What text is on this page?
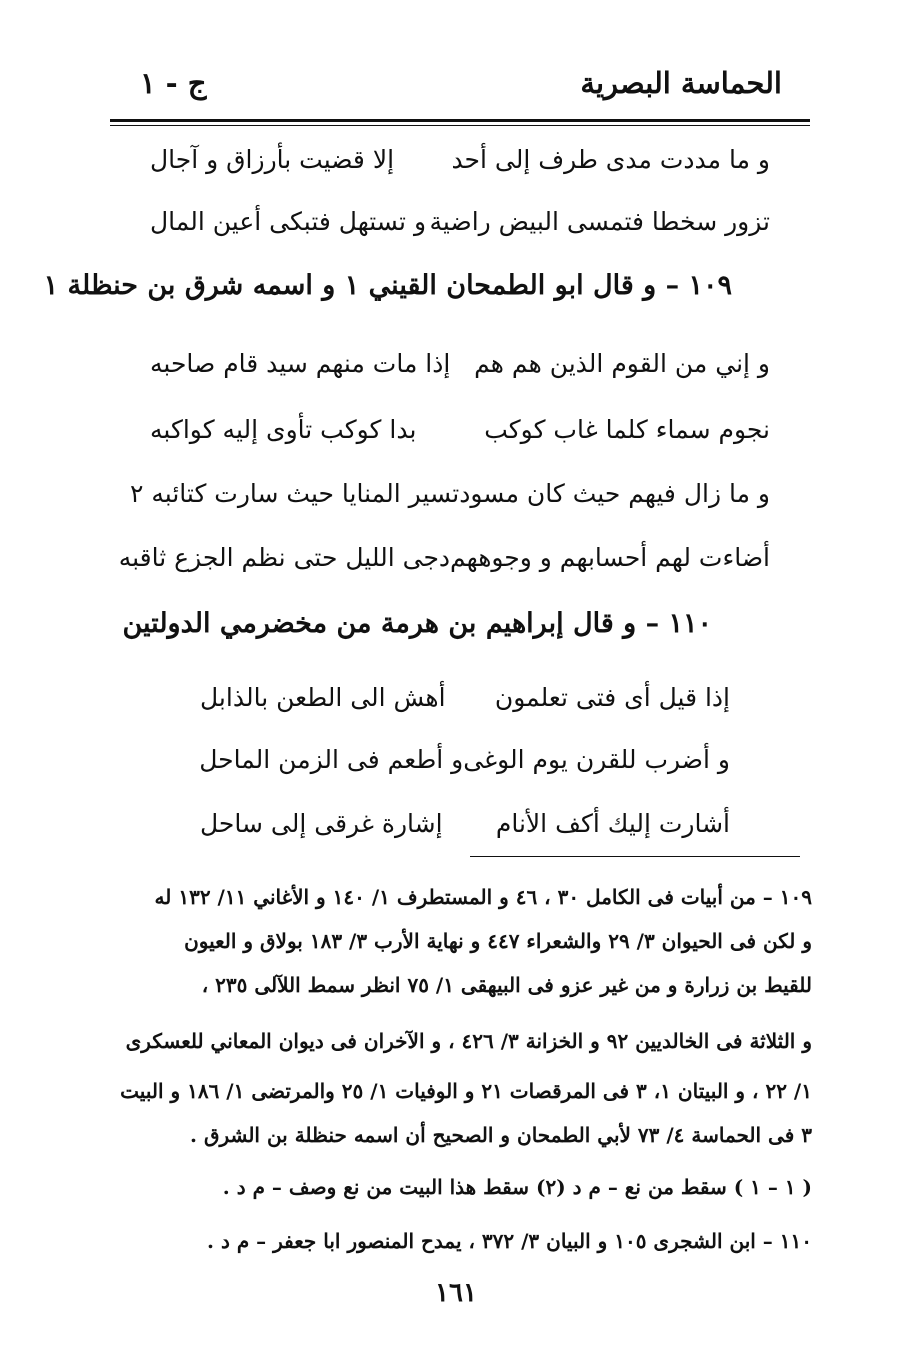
الحماسة البصرية
ج - ١
و ما مددت مدى طرف إلى أحد
إلا قضيت بأرزاق و آجال
تزور سخطا فتمسى البيض راضية
و تستهل فتبكى أعين المال
١٠٩ – و قال ابو الطمحان القيني ١ و اسمه شرق بن حنظلة ١
و إني من القوم الذين هم هم
إذا مات منهم سيد قام صاحبه
نجوم سماء كلما غاب كوكب
بدا كوكب تأوى إليه كواكبه
و ما زال فيهم حيث كان مسود
تسير المنايا حيث سارت كتائبه ٢
أضاءت لهم أحسابهم و وجوههم
دجى الليل حتى نظم الجزع ثاقبه
١١٠ – و قال إبراهيم بن هرمة من مخضرمي الدولتين
إذا قيل أى فتى تعلمون
أهش الى الطعن بالذابل
و أضرب للقرن يوم الوغى
و أطعم فى الزمن الماحل
أشارت إليك أكف الأنام
إشارة غرقى إلى ساحل
١٠٩ – من أبيات فى الكامل ٣٠ ، ٤٦ و المستطرف ١/ ١٤٠ و الأغاني ١١/ ١٣٢ له
و لكن فى الحيوان ٣/ ٢٩ والشعراء ٤٤٧ و نهاية الأرب ٣/ ١٨٣ بولاق و العيون
للقيط بن زرارة و من غير عزو فى البيهقى ١/ ٧٥ انظر سمط اللآلى ٢٣٥ ،
و الثلاثة فى الخالديين ٩٢ و الخزانة ٣/ ٤٢٦ ، و الآخران فى ديوان المعاني للعسكرى
١/ ٢٢ ، و البيتان ١، ٣ فى المرقصات ٢١ و الوفيات ١/ ٢٥ والمرتضى ١/ ١٨٦ و البيت
٣ فى الحماسة ٤/ ٧٣ لأبي الطمحان و الصحيح أن اسمه حنظلة بن الشرق .
( ١ – ١ ) سقط من نع – م د (٢) سقط هذا البيت من نع وصف – م د .
١١٠ – ابن الشجرى ١٠٥ و البيان ٣/ ٣٧٢ ، يمدح المنصور ابا جعفر – م د .
١٦١
